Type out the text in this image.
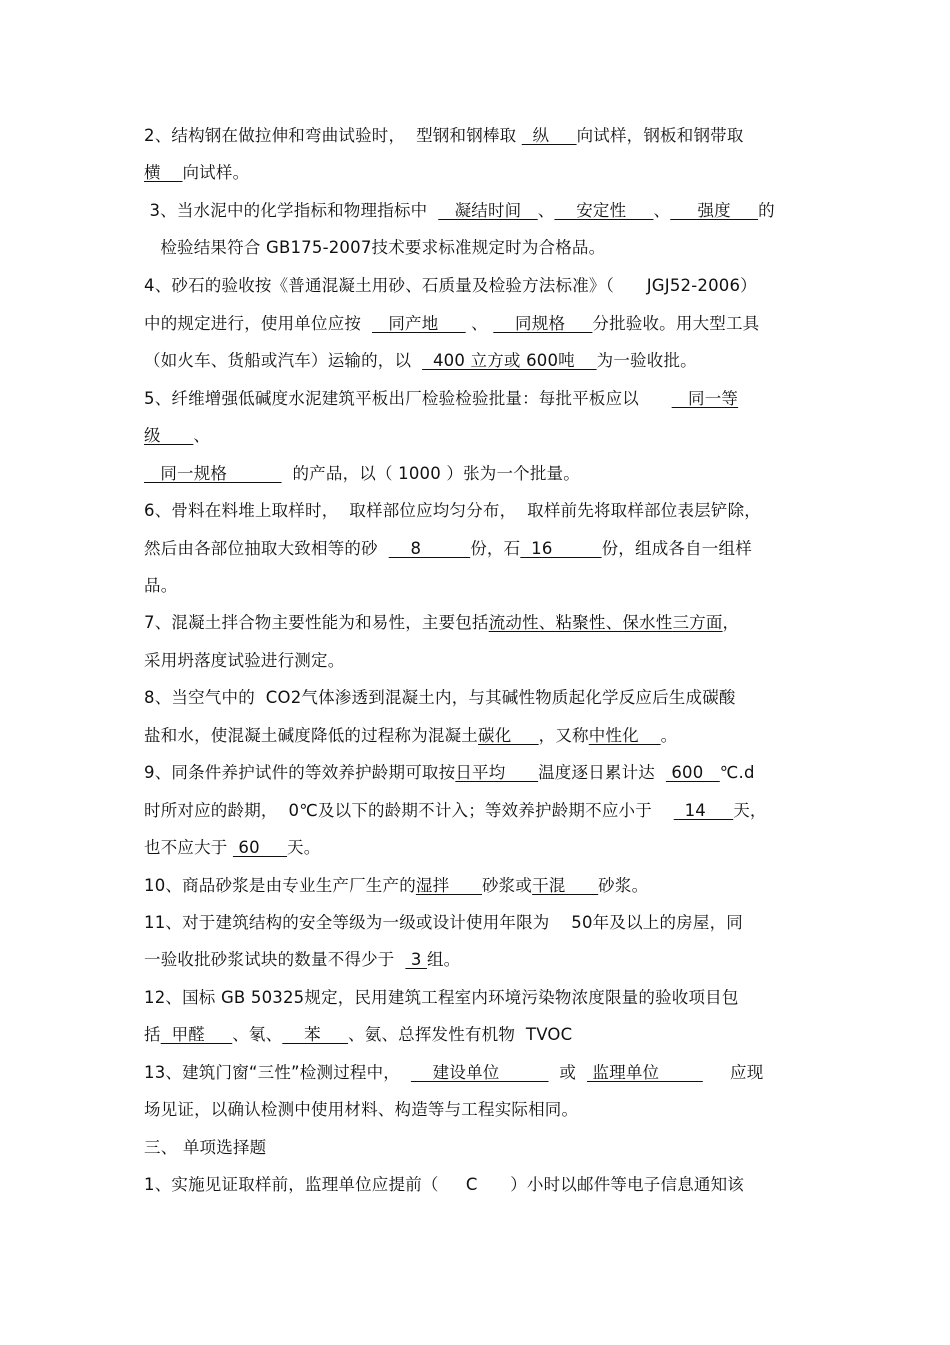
2、结构钢在做拉伸和弯曲试验时，  型钢和钢棒取   纵     向试样，钢板和钢带取
横    向试样。
3、当水泥中的化学指标和物理指标中     凝结时间   、    安定性     、     强度     的
检验结果符合 GB175-2007技术要求标准规定时为合格品。
4、砂石的验收按《普通混凝土用砂、石质量及检验方法标准》（      JGJ52-2006）
中的规定进行，使用单位应按     同产地      、     同规格     分批验收。用大型工具
（如火车、货船或汽车）运输的，以    400 立方或 600吨    为一验收批。
5、纤维增强低碱度水泥建筑平板出厂检验检验批量：每批平板应以         同一等
级      、
同一规格            的产品，以（ 1000 ）张为一个批量。
6、骨料在料堆上取样时，  取样部位应均匀分布，  取样前先将取样部位表层铲除，
然后由各部位抽取大致相等的砂      8         份，石  16         份，组成各自一组样
品。
7、混凝土拌合物主要性能为和易性，主要包括流动性、粘聚性、保水性三方面，
采用坍落度试验进行测定。
8、当空气中的  CO2气体渗透到混凝土内，与其碱性物质起化学反应后生成碳酸
盐和水，使混凝土碱度降低的过程称为混凝土碳化     ，又称中性化    。
9、同条件养护试件的等效养护龄期可取按日平均      温度逐日累计达   600   ℃.d
时所对应的龄期，  0℃及以下的龄期不计入；等效养护龄期不应小于      14     天，
也不应大于  60     天。
10、商品砂浆是由专业生产厂生产的湿拌      砂浆或干混      砂浆。
11、对于建筑结构的安全等级为一级或设计使用年限为    50年及以上的房屋，同
一验收批砂浆试块的数量不得少于   3 组。
12、国标 GB 50325规定，民用建筑工程室内环境污染物浓度限量的验收项目包
括  甲醛     、氡、    苯     、氨、总挥发性有机物  TVOC
13、建筑门窗“三性”检测过程中，      建设单位           或   监理单位             应现
场见证，以确认检测中使用材料、构造等与工程实际相同。
三、 单项选择题
1、实施见证取样前，监理单位应提前（     C      ）小时以邮件等电子信息通知该
